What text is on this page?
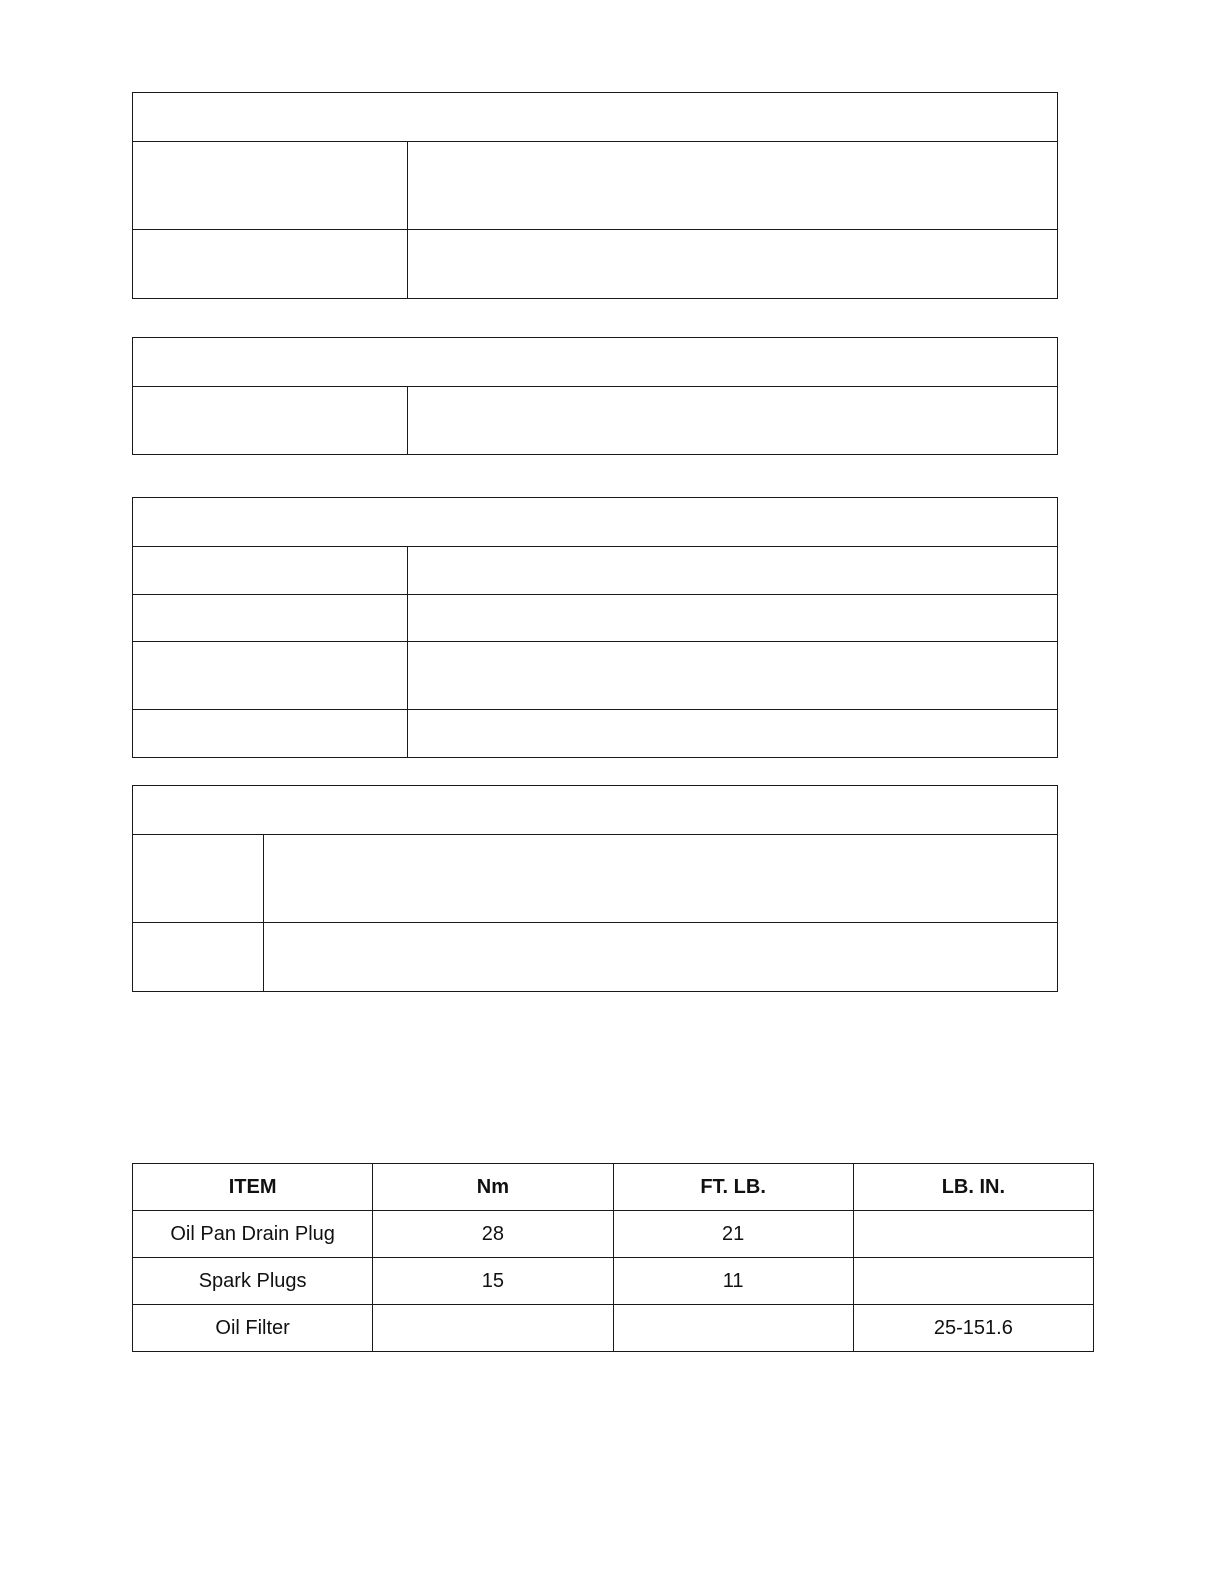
ITEM	Nm	FT. LB.	LB. IN.
Oil Pan Drain Plug	28	21	
Spark Plugs	15	11	
Oil Filter			25-151.6
